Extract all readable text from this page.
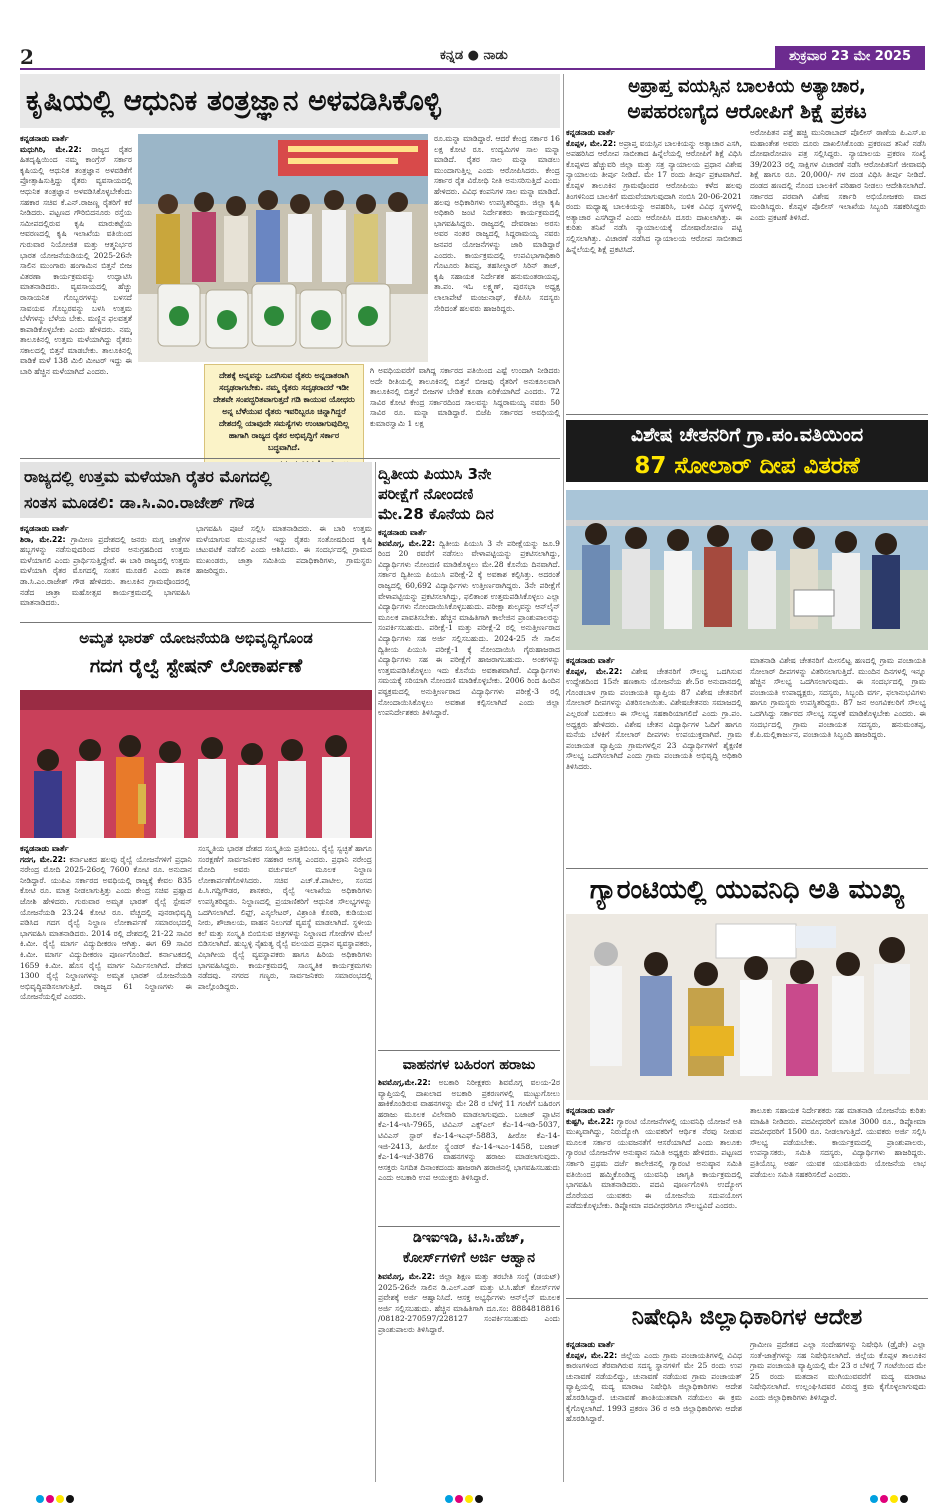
2	ಕನ್ನಡ ● ನಾಡು	ಶುಕ್ರವಾರ 23 ಮೇ 2025
ಕೃಷಿಯಲ್ಲಿ ಆಧುನಿಕ ತಂತ್ರಜ್ಞಾನ ಅಳವಡಿಸಿಕೊಳ್ಳಿ
ಕನ್ನಡನಾಡು ವಾರ್ತೆ
ಮಧುಗಿರಿ, ಮೇ.22: ರಾಜ್ಯದ ರೈತರ ಹಿತದೃಷ್ಟಿಯಿಂದ ನಮ್ಮ ಕಾಂಗ್ರೆಸ್ ಸರ್ಕಾರ ಕೃಷಿಯಲ್ಲಿ ಆಧುನಿಕ ತಂತ್ರಜ್ಞಾನ ಅಳವಡಿಕೆಗೆ ಪ್ರೋತ್ಸಾಹಿಸುತ್ತಿದ್ದು ರೈತರು ವ್ಯವಸಾಯದಲ್ಲಿ ಆಧುನಿಕ ತಂತ್ರಜ್ಞಾನ ಅಳವಡಿಸಿಕೊಳ್ಳಬೇಕೆಂದು ಸಹಕಾರ ಸಚಿವ ಕೆ.ಎನ್.ರಾಜಣ್ಣ ರೈತರಿಗೆ ಕರೆ ನೀಡಿದರು. ಪಟ್ಟಣದ ಗೌರಿಬಿದನೂರು ರಸ್ತೆಯ ಸಮೀಪದಲ್ಲಿರುವ ಕೃಷಿ ಮಾರುಕಟ್ಟೆಯ ಆವರಣದಲ್ಲಿ ಕೃಷಿ ಇಲಾಖೆಯ ವತಿಯಿಂದ ಗುರುವಾರ ನಿಯೋಜಿತ ಮತ್ತು ಆತ್ಮನಿರ್ಭರ ಭಾರತ ಯೋಜನೆಯಡಿಯಲ್ಲಿ 2025-26ನೇ ಸಾಲಿನ ಮುಂಗಾರು ಹಂಗಾಮಿನ ಬಿತ್ತನೆ ಬೀಜ ವಿತರಣಾ ಕಾರ್ಯಕ್ರಮವನ್ನು ಉದ್ಘಾಟಿಸಿ ಮಾತನಾಡಿದರು. ವ್ಯವಸಾಯದಲ್ಲಿ ಹೆಚ್ಚು ರಾಸಾಯನಿಕ ಗೊಬ್ಬರಗಳನ್ನು ಬಳಸದೆ ಸಾವಯವ ಗೊಬ್ಬರವನ್ನು ಬಳಸಿ ಉತ್ತಮ ಬೆಳೆಗಳನ್ನು ಬೆಳೆಯ ಬೇಕು. ಮಣ್ಣಿನ ಫಲವತ್ತತೆ ಕಾಪಾಡಿಕೊಳ್ಳಬೇಕು ಎಂದು ಹೇಳಿದರು. ನಮ್ಮ ತಾಲೂಕಿನಲ್ಲಿ ಉತ್ತಮ ಮಳೆಯಾಗಿದ್ದು ರೈತರು ಸಕಾಲದಲ್ಲಿ ಬಿತ್ತನೆ ಮಾಡಬೇಕು. ತಾಲೂಕಿನಲ್ಲಿ ವಾಡಿಕೆ ಮಳೆ 138 ಮಿಲಿ ಮೀಟರ್ ಇದ್ದು ಈ ಬಾರಿ ಹೆಚ್ಚಿನ ಮಳೆಯಾಗಿದೆ ಎಂದರು.
ರೂ.ಮನ್ನಾ ಮಾಡಿದ್ದಾರೆ. ಆದರೆ ಕೇಂದ್ರ ಸರ್ಕಾರ 16 ಲಕ್ಷ ಕೋಟಿ ರೂ. ಉದ್ಯಮಿಗಳ ಸಾಲ ಮನ್ನಾ ಮಾಡಿದೆ. ರೈತರ ಸಾಲ ಮನ್ನಾ ಮಾಡಲು ಮುಂದಾಗುತ್ತಿಲ್ಲ ಎಂದು ಆರೋಪಿಸಿದರು. ಕೇಂದ್ರ ಸರ್ಕಾರ ರೈತ ವಿರೋಧಿ ನೀತಿ ಅನುಸರಿಸುತ್ತಿದೆ ಎಂದು ಹೇಳಿದರು. ವಿವಿಧ ಕಂಪನಿಗಳ ಸಾಲ ಮನ್ನಾ ಮಾಡಿದೆ. ಹಲವು ಅಧಿಕಾರಿಗಳು ಉಪಸ್ಥಿತರಿದ್ದರು. ಜಿಲ್ಲಾ ಕೃಷಿ ಅಧಿಕಾರಿ ಜಂಟಿ ನಿರ್ದೇಶಕರು ಕಾರ್ಯಕ್ರಮದಲ್ಲಿ ಭಾಗವಹಿಸಿದ್ದರು. ರಾಜ್ಯದಲ್ಲಿ ದೇವರಾಜು ಅರಸು ಅವರ ನಂತರ ರಾಜ್ಯದಲ್ಲಿ ಸಿದ್ದರಾಮಯ್ಯ ನವರು ಜನಪರ ಯೋಜನೆಗಳನ್ನು ಜಾರಿ ಮಾಡಿದ್ದಾರೆ ಎಂದರು. ಕಾರ್ಯಕ್ರಮದಲ್ಲಿ ಉಪವಿಭಾಗಾಧಿಕಾರಿ ಗೊಟೂರು ಶಿವಪ್ಪ, ತಹಸೀಲ್ದಾರ್ ಸಿರಿನ್ ತಾಜ್, ಕೃಷಿ ಸಹಾಯಕ ನಿರ್ದೇಶಕ ಹನುಮಂತರಾಯಪ್ಪ, ತಾ.ಪಂ. ಇಓ ಲಕ್ಷ್ಮಣ್, ಪುರಸಭಾ ಅಧ್ಯಕ್ಷ ಲಾಲಾಪೇಟೆ ಮಂಜುನಾಥ್, ಕೆಪಿಸಿಸಿ ಸದಸ್ಯರು ಸೇರಿದಂತೆ ಹಲವರು ಹಾಜರಿದ್ದರು.
ದೇಶಕ್ಕೆ ಅನ್ನವನ್ನು ಒದಗಿಸುವ ರೈತರು ಅನ್ನದಾತರಾಗಿ ಸದೃಢರಾಗಬೇಕು. ನಮ್ಮ ರೈತರು ಸದೃಢರಾದರೆ ಇಡೀ ದೇಶವೇ ಸಂಪದ್ಭರಿತವಾಗುತ್ತದೆ ಗಡಿ ಕಾಯುವ ಯೋಧರು ಅನ್ನ ಬೆಳೆಯುವ ರೈತರು ಇವರಿಬ್ಬರೂ ಚಿನ್ನಾಗಿದ್ದರೆ ದೇಶದಲ್ಲಿ ಯಾವುದೇ ಸಮಸ್ಯೆಗಳು ಉಂಟಾಗುವುದಿಲ್ಲ ಹಾಗಾಗಿ ರಾಜ್ಯದ ರೈತರ ಅಭಿವೃದ್ಧಿಗೆ ಸರ್ಕಾರ ಬದ್ಧವಾಗಿದೆ.
ಗಿ ಅವಧಿಯವರೆಗೆ ವಾಗಿದ್ದ ಸರ್ಕಾರದ ಪತಿಯಿಂದ ಎಷ್ಟೆ ಉಂದಾಗಿ ನೀಡಿದರು ಅದೇ ರೀತಿಯಲ್ಲಿ ತಾಲೂಕಿನಲ್ಲಿ ಬಿತ್ತನೆ ಬೀಜವು ರೈತರಿಗೆ ಅನುಕೂಲವಾಗಿ ತಾಲೂಕಿನಲ್ಲಿ ಬಿತ್ತನೆ ಬೀಜಗಳ ಬೇಡಿಕೆ ಕೂಡಾ ಏರಿಕೆಯಾಗಿದೆ ಎಂದರು. 72 ಸಾವಿರ ಕೋಟಿ ಕೇಂದ್ರ ಸರ್ಕಾರದಿಂದ ಸಾಲವನ್ನು ಸಿದ್ದರಾಮಯ್ಯ ನವರು 50 ಸಾವಿರ ರೂ. ಮನ್ನಾ ಮಾಡಿದ್ದಾರೆ. ಬಿಜೆಪಿ ಸರ್ಕಾರದ ಅವಧಿಯಲ್ಲಿ ಕುಮಾರಸ್ವಾಮಿ 1 ಲಕ್ಷ
ಅಪ್ರಾಪ್ತ ವಯಸ್ಸಿನ ಬಾಲಕಿಯ ಅತ್ಯಾಚಾರ,
ಅಪಹರಣಗೈದ ಆರೋಪಿಗೆ ಶಿಕ್ಷೆ ಪ್ರಕಟ
ಕನ್ನಡನಾಡು ವಾರ್ತೆ
ಕೊಪ್ಪಳ, ಮೇ.22: ಅಪ್ರಾಪ್ತ ವಯಸ್ಸಿನ ಬಾಲಕಿಯನ್ನು ಅತ್ಯಾಚಾರ ಎಸಗಿ, ಅಪಹರಿಸಿದ ಆರೋಪ ಸಾಬೀತಾದ ಹಿನ್ನೆಲೆಯಲ್ಲಿ ಆರೋಪಿಗೆ ಶಿಕ್ಷೆ ವಿಧಿಸಿ ಕೊಪ್ಪಳದ ಹೆಚ್ಚುವರಿ ಜಿಲ್ಲಾ ಮತ್ತು ಸತ್ರ ನ್ಯಾಯಾಲಯ ಪ್ರಧಾನ ವಿಶೇಷ ನ್ಯಾಯಾಲಯ ತೀರ್ಪು ನೀಡಿದೆ. ಮೇ 17 ರಂದು ತೀರ್ಪು ಪ್ರಕಟವಾಗಿದೆ. ಕೊಪ್ಪಳ ತಾಲೂಕಿನ ಗ್ರಾಮವೊಂದರ ಆರೋಪಿಯು ಕಳೆದ ಹಲವು ತಿಂಗಳಿನಿಂದ ಬಾಲಕಿಗೆ ಮದುವೆಯಾಗುವುದಾಗಿ ನಂಬಿಸಿ 20-06-2021 ರಂದು ಮಧ್ಯಾಹ್ನ ಬಾಲಕಿಯನ್ನು ಅಪಹರಿಸಿ, ಬಳಿಕ ವಿವಿಧ ಸ್ಥಳಗಳಲ್ಲಿ ಅತ್ಯಾಚಾರ ಎಸಗಿದ್ದಾನೆ ಎಂದು ಆರೋಪಿಸಿ ದೂರು ದಾಖಲಾಗಿತ್ತು. ಈ ಕುರಿತು ತನಿಖೆ ನಡೆಸಿ ನ್ಯಾಯಾಲಯಕ್ಕೆ ದೋಷಾರೋಪಣ ಪಟ್ಟಿ ಸಲ್ಲಿಸಲಾಗಿತ್ತು. ವಿಚಾರಣೆ ನಡೆಸಿದ ನ್ಯಾಯಾಲಯ ಆರೋಪ ಸಾಬೀತಾದ ಹಿನ್ನೆಲೆಯಲ್ಲಿ ಶಿಕ್ಷೆ ಪ್ರಕಟಿಸಿದೆ.
ಅರೋಪಿತನ ಪತ್ತೆ ಹಚ್ಚಿ ಮುನಿರಾಬಾದ್ ಪೊಲೀಸ್ ಠಾಣೆಯ ಪಿ.ಎಸ್.ಐ ಮಹಾಂತೇಶ ಅವರು ದೂರು ದಾಖಲಿಸಿಕೊಂಡು ಪ್ರಕರಣದ ತನಿಖೆ ನಡೆಸಿ ದೋಷಾರೋಪಣ ಪತ್ರ ಸಲ್ಲಿಸಿದ್ದರು. ನ್ಯಾಯಾಲಯ ಪ್ರಕರಣ ಸಂಖ್ಯೆ 39/2023 ರಲ್ಲಿ ಸಾಕ್ಷಿಗಳ ವಿಚಾರಣೆ ನಡೆಸಿ ಆರೋಪಿತನಿಗೆ ಜೀವಾವಧಿ ಶಿಕ್ಷೆ ಹಾಗೂ ರೂ. 20,000/- ಗಳ ದಂಡ ವಿಧಿಸಿ ತೀರ್ಪು ನೀಡಿದೆ. ದಂಡದ ಹಣದಲ್ಲಿ ನೊಂದ ಬಾಲಕಿಗೆ ಪರಿಹಾರ ನೀಡಲು ಆದೇಶಿಸಲಾಗಿದೆ. ಸರ್ಕಾರದ ಪರವಾಗಿ ವಿಶೇಷ ಸರ್ಕಾರಿ ಅಭಿಯೋಜಕರು ವಾದ ಮಂಡಿಸಿದ್ದರು. ಕೊಪ್ಪಳ ಪೊಲೀಸ್ ಇಲಾಖೆಯ ಸಿಬ್ಬಂದಿ ಸಹಕರಿಸಿದ್ದರು ಎಂದು ಪ್ರಕಟಣೆ ತಿಳಿಸಿದೆ.
ವಿಶೇಷ ಚೇತನರಿಗೆ ಗ್ರಾ.ಪಂ.ವತಿಯಿಂದ
87 ಸೋಲಾರ್ ದೀಪ ವಿತರಣೆ
ಕನ್ನಡನಾಡು ವಾರ್ತೆ
ಕೊಪ್ಪಳ, ಮೇ.22: ವಿಶೇಷ ಚೇತನರಿಗೆ ಸೌಲಭ್ಯ ಒದಗಿಸುವ ಉದ್ದೇಶದಿಂದ 15ನೇ ಹಣಕಾಸು ಯೋಜನೆಯ ಶೇ.5ರ ಅನುದಾನದಲ್ಲಿ ಗೊಂಡಬಾಳ ಗ್ರಾಮ ಪಂಚಾಯತಿ ವ್ಯಾಪ್ತಿಯ 87 ವಿಶೇಷ ಚೇತನರಿಗೆ ಸೋಲಾರ್ ದೀಪಗಳನ್ನು ವಿತರಿಸಲಾಯಿತು. ವಿಶೇಷಚೇತನರು ಸಮಾಜದಲ್ಲಿ ಎಲ್ಲರಂತೆ ಬದುಕಲು ಈ ಸೌಲಭ್ಯ ಸಹಕಾರಿಯಾಗಲಿದೆ ಎಂದು ಗ್ರಾ.ಪಂ. ಅಧ್ಯಕ್ಷರು ಹೇಳಿದರು. ವಿಶೇಷ ಚೇತನ ವಿದ್ಯಾರ್ಥಿಗಳ ಓದಿಗೆ ಹಾಗೂ ಮನೆಯ ಬೆಳಕಿಗೆ ಸೋಲಾರ್ ದೀಪಗಳು ಉಪಯುಕ್ತವಾಗಿವೆ. ಗ್ರಾಮ ಪಂಚಾಯತ ವ್ಯಾಪ್ತಿಯ ಗ್ರಾಮಗಳಲ್ಲಿನ 23 ವಿದ್ಯಾರ್ಥಿಗಳಿಗೆ ಶೈಕ್ಷಣಿಕ ಸೌಲಭ್ಯ ಒದಗಿಸಲಾಗಿದೆ ಎಂದು ಗ್ರಾಮ ಪಂಚಾಯತಿ ಅಭಿವೃದ್ಧಿ ಅಧಿಕಾರಿ ತಿಳಿಸಿದರು.
ಮಾತನಾಡಿ ವಿಶೇಷ ಚೇತನರಿಗೆ ಮೀಸಲಿಟ್ಟ ಹಣದಲ್ಲಿ ಗ್ರಾಮ ಪಂಚಾಯತಿ ಸೋಲಾರ್ ದೀಪಗಳನ್ನು ವಿತರಿಸಲಾಗುತ್ತಿದೆ. ಮುಂದಿನ ದಿನಗಳಲ್ಲಿ ಇನ್ನೂ ಹೆಚ್ಚಿನ ಸೌಲಭ್ಯ ಒದಗಿಸಲಾಗುವುದು. ಈ ಸಂದರ್ಭದಲ್ಲಿ ಗ್ರಾಮ ಪಂಚಾಯತಿ ಉಪಾಧ್ಯಕ್ಷರು, ಸದಸ್ಯರು, ಸಿಬ್ಬಂದಿ ವರ್ಗ, ಫಲಾನುಭವಿಗಳು ಹಾಗೂ ಗ್ರಾಮಸ್ಥರು ಉಪಸ್ಥಿತರಿದ್ದರು. 87 ಜನ ಅಂಗವಿಕಲರಿಗೆ ಸೌಲಭ್ಯ ಒದಗಿಸಿದ್ದು ಸರ್ಕಾರದ ಸೌಲಭ್ಯ ಸದ್ಬಳಕೆ ಮಾಡಿಕೊಳ್ಳಬೇಕು ಎಂದರು. ಈ ಸಂದರ್ಭದಲ್ಲಿ ಗ್ರಾಮ ಪಂಚಾಯತ ಸದಸ್ಯರು, ಹನುಮಂತಪ್ಪ, ಕೆ.ಪಿ.ಮಲ್ಲಿಕಾರ್ಜುನ, ಪಂಚಾಯತಿ ಸಿಬ್ಬಂದಿ ಹಾಜರಿದ್ದರು.
ಗ್ಯಾರಂಟಿಯಲ್ಲಿ ಯುವನಿಧಿ ಅತಿ ಮುಖ್ಯ
ಕನ್ನಡನಾಡು ವಾರ್ತೆ
ಕುಷ್ಟಗಿ, ಮೇ.22: ಗ್ಯಾರಂಟಿ ಯೋಜನೆಗಳಲ್ಲಿ ಯುವನಿಧಿ ಯೋಜನೆ ಅತಿ ಮುಖ್ಯವಾಗಿದ್ದು, ನಿರುದ್ಯೋಗಿ ಯುವಕರಿಗೆ ಆರ್ಥಿಕ ನೆರವು ನೀಡುವ ಮೂಲಕ ಸರ್ಕಾರ ಯುವಜನತೆಗೆ ಆಸರೆಯಾಗಿದೆ ಎಂದು ತಾಲೂಕು ಗ್ಯಾರಂಟಿ ಯೋಜನೆಗಳ ಅನುಷ್ಠಾನ ಸಮಿತಿ ಅಧ್ಯಕ್ಷರು ಹೇಳಿದರು. ಪಟ್ಟಣದ ಸರ್ಕಾರಿ ಪ್ರಥಮ ದರ್ಜೆ ಕಾಲೇಜಿನಲ್ಲಿ ಗ್ಯಾರಂಟಿ ಅನುಷ್ಠಾನ ಸಮಿತಿ ವತಿಯಿಂದ ಹಮ್ಮಿಕೊಂಡಿದ್ದ ಯುವನಿಧಿ ಜಾಗೃತಿ ಕಾರ್ಯಕ್ರಮದಲ್ಲಿ ಭಾಗವಹಿಸಿ ಮಾತನಾಡಿದರು. ಪದವಿ ಪೂರ್ಣಗೊಳಿಸಿ ಉದ್ಯೋಗ ದೊರೆಯದ ಯುವಕರು ಈ ಯೋಜನೆಯ ಸದುಪಯೋಗ ಪಡೆದುಕೊಳ್ಳಬೇಕು. ಡಿಪ್ಲೋಮಾ ಪದವೀಧರರಿಗೂ ಸೌಲಭ್ಯವಿದೆ ಎಂದರು.
ತಾಲೂಕು ಸಹಾಯಕ ನಿರ್ದೇಶಕರು ಸಹ ಮಾತನಾಡಿ ಯೋಜನೆಯ ಕುರಿತು ಮಾಹಿತಿ ನೀಡಿದರು. ಪದವೀಧರರಿಗೆ ಮಾಸಿಕ 3000 ರೂ., ಡಿಪ್ಲೋಮಾ ಪದವೀಧರರಿಗೆ 1500 ರೂ. ನೀಡಲಾಗುತ್ತಿದೆ. ಯುವಕರು ಅರ್ಜಿ ಸಲ್ಲಿಸಿ ಸೌಲಭ್ಯ ಪಡೆಯಬೇಕು. ಕಾರ್ಯಕ್ರಮದಲ್ಲಿ ಪ್ರಾಂಶುಪಾಲರು, ಉಪನ್ಯಾಸಕರು, ಸಮಿತಿ ಸದಸ್ಯರು, ವಿದ್ಯಾರ್ಥಿಗಳು ಹಾಜರಿದ್ದರು. ಪ್ರತಿಯೊಬ್ಬ ಅರ್ಹ ಯುವಕ ಯುವತಿಯರು ಯೋಜನೆಯ ಲಾಭ ಪಡೆಯಲು ಸಮಿತಿ ಸಹಕರಿಸಲಿದೆ ಎಂದರು.
ನಿಷೇಧಿಸಿ ಜಿಲ್ಲಾಧಿಕಾರಿಗಳ ಆದೇಶ
ಕನ್ನಡನಾಡು ವಾರ್ತೆ
ಕೊಪ್ಪಳ, ಮೇ.22: ಜಿಲ್ಲೆಯ ಎಂದು ಗ್ರಾಮ ಪಂಚಾಯತಿಗಳಲ್ಲಿ ವಿವಿಧ ಕಾರಣಗಳಿಂದ ತೆರವಾಗಿರುವ ಸದಸ್ಯ ಸ್ಥಾನಗಳಿಗೆ ಮೇ 25 ರಂದು ಉಪ ಚುನಾವಣೆ ನಡೆಯಲಿದ್ದು, ಚುನಾವಣೆ ನಡೆಯುವ ಗ್ರಾಮ ಪಂಚಾಯತ್ ವ್ಯಾಪ್ತಿಯಲ್ಲಿ ಮದ್ಯ ಮಾರಾಟ ನಿಷೇಧಿಸಿ ಜಿಲ್ಲಾಧಿಕಾರಿಗಳು ಆದೇಶ ಹೊರಡಿಸಿದ್ದಾರೆ. ಚುನಾವಣೆ ಶಾಂತಿಯುತವಾಗಿ ನಡೆಯಲು ಈ ಕ್ರಮ ಕೈಗೊಳ್ಳಲಾಗಿದೆ. 1993 ಪ್ರಕರಣ 36 ರ ಅಡಿ ಜಿಲ್ಲಾಧಿಕಾರಿಗಳು ಆದೇಶ ಹೊರಡಿಸಿದ್ದಾರೆ.
ಗ್ರಾಮೀಣ ಪ್ರದೇಶದ ಎಲ್ಲಾ ಸಂದೇಹಗಳನ್ನು ನಿಷೇಧಿಸಿ (ಡ್ರೈಡೇ) ಎಲ್ಲಾ ಸಂತೆ-ಜಾತ್ರೆಗಳನ್ನು ಸಹ ನಿಷೇಧಿಸಲಾಗಿದೆ. ಜಿಲ್ಲೆಯ ಕೊಪ್ಪಳ ತಾಲೂಕಿನ ಗ್ರಾಮ ಪಂಚಾಯತಿ ವ್ಯಾಪ್ತಿಯಲ್ಲಿ ಮೇ 23 ರ ಬೆಳಿಗ್ಗೆ 7 ಗಂಟೆಯಿಂದ ಮೇ 25 ರಂದು ಮತದಾನ ಮುಗಿಯುವವರೆಗೆ ಮದ್ಯ ಮಾರಾಟ ನಿಷೇಧಿಸಲಾಗಿದೆ. ಉಲ್ಲಂಘಿಸಿದವರ ವಿರುದ್ಧ ಕ್ರಮ ಕೈಗೊಳ್ಳಲಾಗುವುದು ಎಂದು ಜಿಲ್ಲಾಧಿಕಾರಿಗಳು ತಿಳಿಸಿದ್ದಾರೆ.
ರಾಜ್ಯದಲ್ಲಿ ಉತ್ತಮ ಮಳೆಯಾಗಿ ರೈತರ ಮೊಗದಲ್ಲಿ
ಸಂತಸ ಮೂಡಲಿ: ಡಾ.ಸಿ.ಎಂ.ರಾಜೇಶ್ ಗೌಡ
ಕನ್ನಡನಾಡು ವಾರ್ತೆ
ಶಿರಾ, ಮೇ.22: ಗ್ರಾಮೀಣ ಪ್ರದೇಶದಲ್ಲಿ ಜನರು ಮಗ್ಗ ಜಾತ್ರೆಗಳ ಹಬ್ಬಗಳನ್ನು ನಡೆಸುವುದರಿಂದ ದೇವರ ಅನುಗ್ರಹದಿಂದ ಉತ್ತಮ ಮಳೆಯಾಗಲಿ ಎಂದು ಪ್ರಾರ್ಥಿಸುತ್ತಿದ್ದೇವೆ. ಈ ಬಾರಿ ರಾಜ್ಯದಲ್ಲಿ ಉತ್ತಮ ಮಳೆಯಾಗಿ ರೈತರ ಮೊಗದಲ್ಲಿ ಸಂತಸ ಮೂಡಲಿ ಎಂದು ಶಾಸಕ ಡಾ.ಸಿ.ಎಂ.ರಾಜೇಶ್ ಗೌಡ ಹೇಳಿದರು. ತಾಲೂಕಿನ ಗ್ರಾಮವೊಂದರಲ್ಲಿ ನಡೆದ ಜಾತ್ರಾ ಮಹೋತ್ಸವ ಕಾರ್ಯಕ್ರಮದಲ್ಲಿ ಭಾಗವಹಿಸಿ ಮಾತನಾಡಿದರು.
ಭಾಗವಹಿಸಿ ಪೂಜೆ ಸಲ್ಲಿಸಿ ಮಾತನಾಡಿದರು. ಈ ಬಾರಿ ಉತ್ತಮ ಮಳೆಯಾಗುವ ಮುನ್ಸೂಚನೆ ಇದ್ದು ರೈತರು ಸಂತೋಷದಿಂದ ಕೃಷಿ ಚಟುವಟಿಕೆ ನಡೆಸಲಿ ಎಂದು ಆಶಿಸಿದರು. ಈ ಸಂದರ್ಭದಲ್ಲಿ ಗ್ರಾಮದ ಮುಖಂಡರು, ಜಾತ್ರಾ ಸಮಿತಿಯ ಪದಾಧಿಕಾರಿಗಳು, ಗ್ರಾಮಸ್ಥರು ಹಾಜರಿದ್ದರು.
ಅಮೃತ ಭಾರತ್ ಯೋಜನೆಯಡಿ ಅಭಿವೃದ್ಧಿಗೊಂಡ
ಗದಗ ರೈಲ್ವೆ ಸ್ಟೇಷನ್ ಲೋಕಾರ್ಪಣೆ
ಕನ್ನಡನಾಡು ವಾರ್ತೆ
ಗದಗ, ಮೇ.22: ಕರ್ನಾಟಕದ ಹಲವು ರೈಲ್ವೆ ಯೋಜನೆಗಳಿಗೆ ಪ್ರಧಾನಿ ನರೇಂದ್ರ ಮೋದಿ 2025-26ರಲ್ಲಿ 7600 ಕೋಟಿ ರೂ. ಅನುದಾನ ನೀಡಿದ್ದಾರೆ. ಯುಪಿಎ ಸರ್ಕಾರದ ಅವಧಿಯಲ್ಲಿ ರಾಜ್ಯಕ್ಕೆ ಕೇವಲ 835 ಕೋಟಿ ರೂ. ಮಾತ್ರ ನೀಡಲಾಗುತ್ತಿತ್ತು ಎಂದು ಕೇಂದ್ರ ಸಚಿವ ಪ್ರಹ್ಲಾದ ಜೋಶಿ ಹೇಳಿದರು. ಗುರುವಾರ ಅಮೃತ ಭಾರತ್ ರೈಲ್ವೆ ಸ್ಟೇಷನ್ ಯೋಜನೆಯಡಿ 23.24 ಕೋಟಿ ರೂ. ವೆಚ್ಚದಲ್ಲಿ ಪುನರಾಭಿವೃದ್ಧಿ ಪಡಿಸಿದ ಗದಗ ರೈಲ್ವೆ ನಿಲ್ದಾಣ ಲೋಕಾರ್ಪಣೆ ಸಮಾರಂಭದಲ್ಲಿ ಭಾಗವಹಿಸಿ ಮಾತನಾಡಿದರು. 2014 ರಲ್ಲಿ ದೇಶದಲ್ಲಿ 21-22 ಸಾವಿರ ಕಿ.ಮೀ. ರೈಲ್ವೆ ಮಾರ್ಗ ವಿದ್ಯುದೀಕರಣ ಆಗಿತ್ತು. ಈಗ 69 ಸಾವಿರ ಕಿ.ಮೀ. ಮಾರ್ಗ ವಿದ್ಯುದೀಕರಣ ಪೂರ್ಣಗೊಂಡಿದೆ. ಕರ್ನಾಟಕದಲ್ಲಿ 1659 ಕಿ.ಮೀ. ಹೊಸ ರೈಲ್ವೆ ಮಾರ್ಗ ನಿರ್ಮಿಸಲಾಗಿದೆ. ದೇಶದ 1300 ರೈಲ್ವೆ ನಿಲ್ದಾಣಗಳನ್ನು ಅಮೃತ ಭಾರತ್ ಯೋಜನೆಯಡಿ ಅಭಿವೃದ್ಧಿಪಡಿಸಲಾಗುತ್ತಿದೆ. ರಾಜ್ಯದ 61 ನಿಲ್ದಾಣಗಳು ಈ ಯೋಜನೆಯಲ್ಲಿವೆ ಎಂದರು.
ಸಂಸ್ಕೃತಿಯ ಭಾರತ ದೇಶದ ಸಂಸ್ಕೃತಿಯ ಪ್ರತಿಬಿಂಬ. ರೈಲ್ವೆ ಸ್ವಚ್ಛತೆ ಹಾಗೂ ಸಂರಕ್ಷಣೆಗೆ ಸಾರ್ವಜನಿಕರ ಸಹಕಾರ ಅಗತ್ಯ ಎಂದರು. ಪ್ರಧಾನಿ ನರೇಂದ್ರ ಮೋದಿ ಅವರು ವರ್ಚುವಲ್ ಮೂಲಕ ನಿಲ್ದಾಣ ಲೋಕಾರ್ಪಣೆಗೊಳಿಸಿದರು. ಸಚಿವ ಎಚ್.ಕೆ.ಪಾಟೀಲ, ಸಂಸದ ಪಿ.ಸಿ.ಗದ್ದಿಗೌಡರ, ಶಾಸಕರು, ರೈಲ್ವೆ ಇಲಾಖೆಯ ಅಧಿಕಾರಿಗಳು ಉಪಸ್ಥಿತರಿದ್ದರು. ನಿಲ್ದಾಣದಲ್ಲಿ ಪ್ರಯಾಣಿಕರಿಗೆ ಆಧುನಿಕ ಸೌಲಭ್ಯಗಳನ್ನು ಒದಗಿಸಲಾಗಿದೆ. ಲಿಫ್ಟ್, ಎಸ್ಕಲೇಟರ್, ವಿಶ್ರಾಂತಿ ಕೊಠಡಿ, ಕುಡಿಯುವ ನೀರು, ಶೌಚಾಲಯ, ವಾಹನ ನಿಲುಗಡೆ ವ್ಯವಸ್ಥೆ ಮಾಡಲಾಗಿದೆ. ಸ್ಥಳೀಯ ಕಲೆ ಮತ್ತು ಸಂಸ್ಕೃತಿ ಬಿಂಬಿಸುವ ಚಿತ್ರಗಳನ್ನು ನಿಲ್ದಾಣದ ಗೋಡೆಗಳ ಮೇಲೆ ಬಿಡಿಸಲಾಗಿದೆ. ಹುಬ್ಬಳ್ಳಿ ನೈಋತ್ಯ ರೈಲ್ವೆ ವಲಯದ ಪ್ರಧಾನ ವ್ಯವಸ್ಥಾಪಕರು, ವಿಭಾಗೀಯ ರೈಲ್ವೆ ವ್ಯವಸ್ಥಾಪಕರು ಹಾಗೂ ಹಿರಿಯ ಅಧಿಕಾರಿಗಳು ಭಾಗವಹಿಸಿದ್ದರು. ಕಾರ್ಯಕ್ರಮದಲ್ಲಿ ಸಾಂಸ್ಕೃತಿಕ ಕಾರ್ಯಕ್ರಮಗಳು ನಡೆದವು. ನಗರದ ಗಣ್ಯರು, ಸಾರ್ವಜನಿಕರು ಸಮಾರಂಭದಲ್ಲಿ ಪಾಲ್ಗೊಂಡಿದ್ದರು.
ದ್ವಿತೀಯ ಪಿಯುಸಿ 3ನೇ
ಪರೀಕ್ಷೆಗೆ ನೋಂದಣಿ
ಮೇ.28 ಕೊನೆಯ ದಿನ
ಕನ್ನಡನಾಡು ವಾರ್ತೆ
ಶಿವಮೊಗ್ಗ, ಮೇ.22: ದ್ವಿತೀಯ ಪಿಯುಸಿ 3 ನೇ ಪರೀಕ್ಷೆಯನ್ನು ಜೂ.9 ರಿಂದ 20 ರವರೆಗೆ ನಡೆಸಲು ವೇಳಾಪಟ್ಟಿಯನ್ನು ಪ್ರಕಟಿಸಲಾಗಿದ್ದು, ವಿದ್ಯಾರ್ಥಿಗಳು ನೋಂದಣಿ ಮಾಡಿಕೊಳ್ಳಲು ಮೇ.28 ಕೊನೆಯ ದಿನವಾಗಿದೆ. ಸರ್ಕಾರ ದ್ವಿತೀಯ ಪಿಯುಸಿ ಪರೀಕ್ಷೆ-2 ಕ್ಕೆ ಅವಕಾಶ ಕಲ್ಪಿಸಿತ್ತು. ಅದರಂತೆ ರಾಜ್ಯದಲ್ಲಿ 60,692 ವಿದ್ಯಾರ್ಥಿಗಳು ಉತ್ತೀರ್ಣರಾಗಿದ್ದರು. 3ನೇ ಪರೀಕ್ಷೆಗೆ ವೇಳಾಪಟ್ಟಿಯನ್ನು ಪ್ರಕಟಿಸಲಾಗಿದ್ದು, ಫಲಿತಾಂಶ ಉತ್ತಮಪಡಿಸಿಕೊಳ್ಳಲು ಎಲ್ಲಾ ವಿದ್ಯಾರ್ಥಿಗಳು ನೋಂದಾಯಿಸಿಕೊಳ್ಳಬಹುದು. ಪರೀಕ್ಷಾ ಶುಲ್ಕವನ್ನು ಆನ್‌ಲೈನ್ ಮೂಲಕ ಪಾವತಿಸಬೇಕು. ಹೆಚ್ಚಿನ ಮಾಹಿತಿಗಾಗಿ ಕಾಲೇಜಿನ ಪ್ರಾಂಶುಪಾಲರನ್ನು ಸಂಪರ್ಕಿಸಬಹುದು. ಪರೀಕ್ಷೆ-1 ಮತ್ತು ಪರೀಕ್ಷೆ-2 ರಲ್ಲಿ ಅನುತ್ತೀರ್ಣರಾದ ವಿದ್ಯಾರ್ಥಿಗಳು ಸಹ ಅರ್ಜಿ ಸಲ್ಲಿಸಬಹುದು. 2024-25 ನೇ ಸಾಲಿನ ದ್ವಿತೀಯ ಪಿಯುಸಿ ಪರೀಕ್ಷೆ-1 ಕ್ಕೆ ನೋಂದಾಯಿಸಿ ಗೈರುಹಾಜರಾದ ವಿದ್ಯಾರ್ಥಿಗಳು ಸಹ ಈ ಪರೀಕ್ಷೆಗೆ ಹಾಜರಾಗಬಹುದು. ಅಂಕಗಳನ್ನು ಉತ್ತಮಪಡಿಸಿಕೊಳ್ಳಲು ಇದು ಕೊನೆಯ ಅವಕಾಶವಾಗಿದೆ. ವಿದ್ಯಾರ್ಥಿಗಳು ಸಮಯಕ್ಕೆ ಸರಿಯಾಗಿ ನೋಂದಣಿ ಮಾಡಿಕೊಳ್ಳಬೇಕು. 2006 ರಿಂದ ಹಿಂದಿನ ಪಠ್ಯಕ್ರಮದಲ್ಲಿ ಅನುತ್ತೀರ್ಣರಾದ ವಿದ್ಯಾರ್ಥಿಗಳು ಪರೀಕ್ಷೆ-3 ರಲ್ಲಿ ನೋಂದಾಯಿಸಿಕೊಳ್ಳಲು ಅವಕಾಶ ಕಲ್ಪಿಸಲಾಗಿದೆ ಎಂದು ಜಿಲ್ಲಾ ಉಪನಿರ್ದೇಶಕರು ತಿಳಿಸಿದ್ದಾರೆ.
ವಾಹನಗಳ ಬಹಿರಂಗ ಹರಾಜು
ಶಿವಮೊಗ್ಗ,ಮೇ.22: ಅಬಕಾರಿ ನಿರೀಕ್ಷಕರು ಶಿವಮೊಗ್ಗ ವಲಯ-2ರ ವ್ಯಾಪ್ತಿಯಲ್ಲಿ ದಾಖಲಾದ ಅಬಕಾರಿ ಪ್ರಕರಣಗಳಲ್ಲಿ ಮುಟ್ಟುಗೋಲು ಹಾಕಿಕೊಂಡಿರುವ ವಾಹನಗಳನ್ನು ಮೇ 28 ರ ಬೆಳಿಗ್ಗೆ 11 ಗಂಟೆಗೆ ಬಹಿರಂಗ ಹರಾಜು ಮೂಲಕ ವಿಲೇವಾರಿ ಮಾಡಲಾಗುವುದು. ಬಜಾಜ್ ಪ್ಲಾಟಿನ ಕೆಎ-14-ಇಸಿ-7965, ಟಿವಿಎಸ್ ಎಕ್ಸ್‌ಎಲ್ ಕೆಎ-14-ಇಡಿ-5037, ಟಿವಿಎಸ್ ಸ್ಟಾರ್ ಕೆಎ-14-ಇಎಫ್-5883, ಹೀರೋ ಕೆಎ-14-ಇಜಿ-2413, ಹೀರೋ ಸ್ಪ್ಲೆಂಡರ್ ಕೆಎ-14-ಇಎಂ-1458, ಬಜಾಜ್ ಕೆಎ-14-ಇಜೆ-3876 ವಾಹನಗಳನ್ನು ಹರಾಜು ಮಾಡಲಾಗುವುದು. ಆಸಕ್ತರು ನಿಗದಿತ ದಿನಾಂಕದಂದು ಹಾಜರಾಗಿ ಹರಾಜಿನಲ್ಲಿ ಭಾಗವಹಿಸಬಹುದು ಎಂದು ಅಬಕಾರಿ ಉಪ ಆಯುಕ್ತರು ತಿಳಿಸಿದ್ದಾರೆ.
ಡಿಇಐಇಡಿ, ಟಿ.ಸಿ.ಹೆಚ್,
ಕೋರ್ಸ್‌ಗಳಿಗೆ ಅರ್ಜಿ ಆಹ್ವಾನ
ಶಿವಮೊಗ್ಗ, ಮೇ.22: ಜಿಲ್ಲಾ ಶಿಕ್ಷಣ ಮತ್ತು ತರಬೇತಿ ಸಂಸ್ಥೆ (ಡಯಟ್) 2025-26ನೇ ಸಾಲಿನ ಡಿ.ಎಲ್.ಎಡ್ ಮತ್ತು ಟಿ.ಸಿ.ಹೆಚ್ ಕೋರ್ಸ್‌ಗಳ ಪ್ರವೇಶಕ್ಕೆ ಅರ್ಜಿ ಆಹ್ವಾನಿಸಿದೆ. ಆಸಕ್ತ ಅಭ್ಯರ್ಥಿಗಳು ಆನ್‌ಲೈನ್ ಮೂಲಕ ಅರ್ಜಿ ಸಲ್ಲಿಸಬಹುದು. ಹೆಚ್ಚಿನ ಮಾಹಿತಿಗಾಗಿ ದೂ.ಸಂ: 8884818816 /08182-270597/228127 ಸಂಪರ್ಕಿಸಬಹುದು ಎಂದು ಪ್ರಾಂಶುಪಾಲರು ತಿಳಿಸಿದ್ದಾರೆ.
